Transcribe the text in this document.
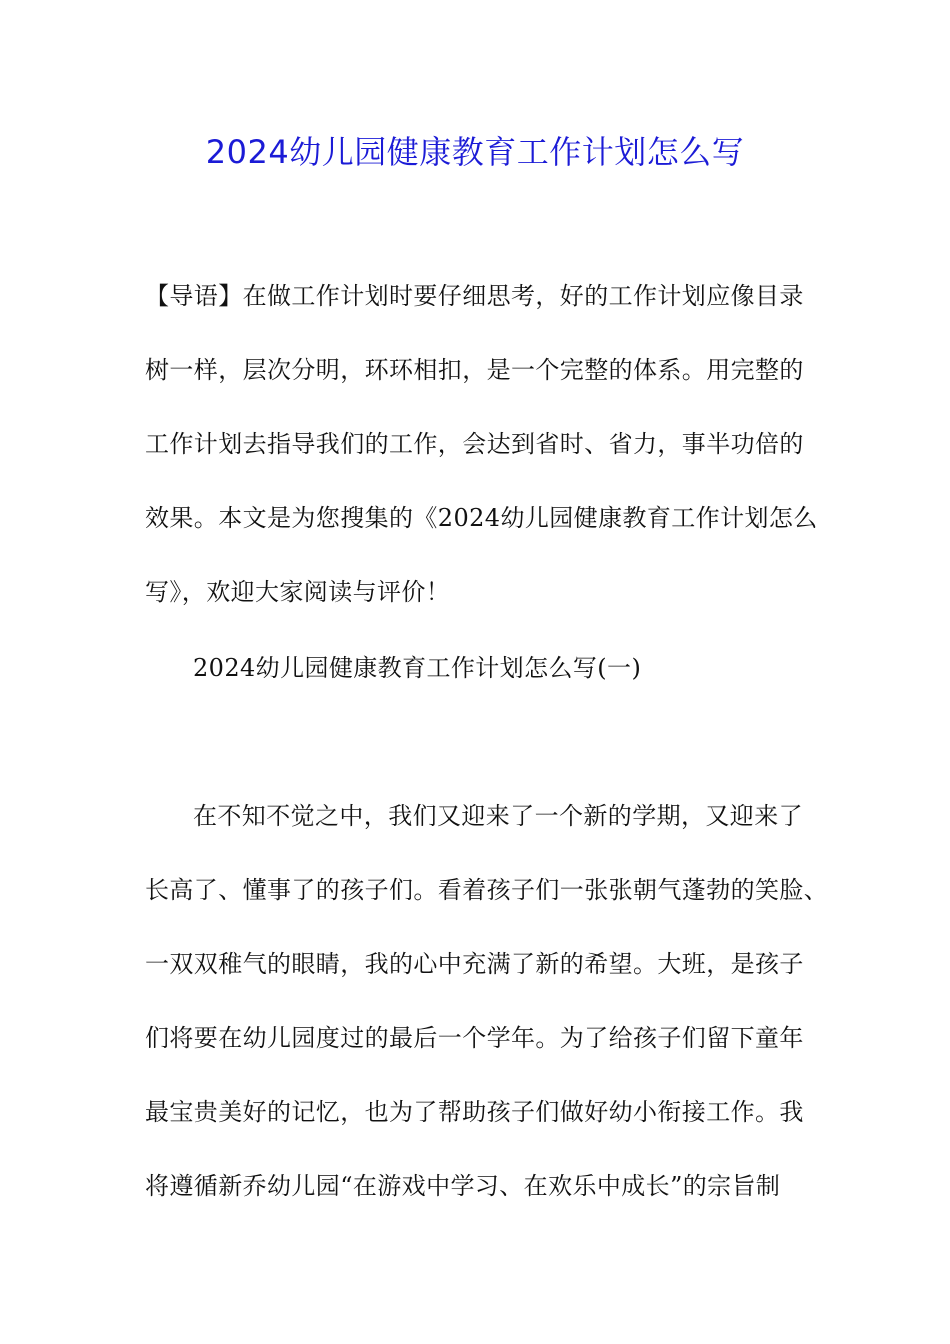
2024幼儿园健康教育工作计划怎么写
【导语】在做工作计划时要仔细思考，好的工作计划应像目录
树一样，层次分明，环环相扣，是一个完整的体系。用完整的
工作计划去指导我们的工作，会达到省时、省力，事半功倍的
效果。本文是为您搜集的《2024幼儿园健康教育工作计划怎么
写》，欢迎大家阅读与评价！
2024幼儿园健康教育工作计划怎么写(一)
在不知不觉之中，我们又迎来了一个新的学期，又迎来了
长高了、懂事了的孩子们。看着孩子们一张张朝气蓬勃的笑脸、
一双双稚气的眼睛，我的心中充满了新的希望。大班，是孩子
们将要在幼儿园度过的最后一个学年。为了给孩子们留下童年
最宝贵美好的记忆，也为了帮助孩子们做好幼小衔接工作。我
将遵循新乔幼儿园“在游戏中学习、在欢乐中成长”的宗旨制
